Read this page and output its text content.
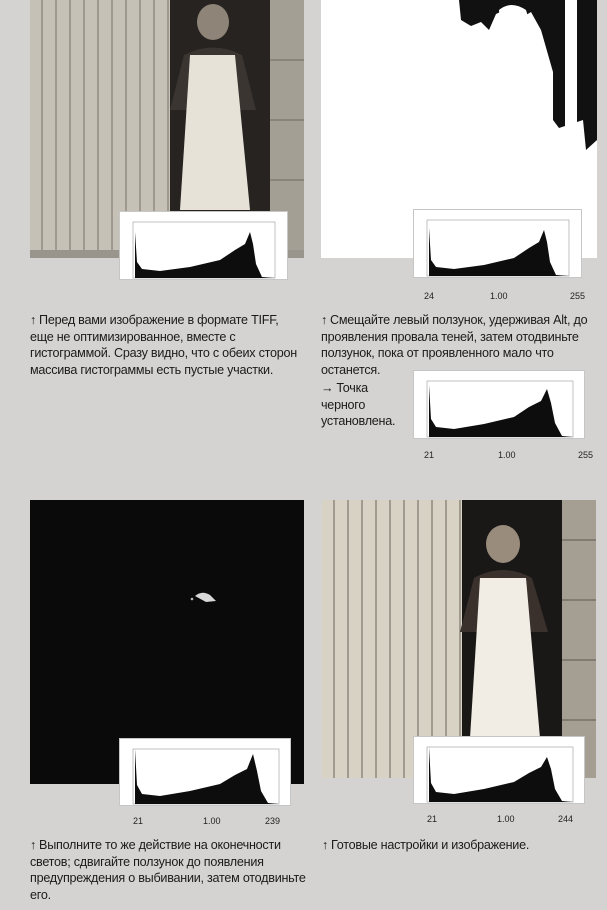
24	1.00	255
↑ Перед вами изображение в формате TIFF, еще не оптимизированное, вместе с гистограммой. Сразу видно, что с обеих сторон массива гистограммы есть пустые участки.
↑ Смещайте левый ползунок, удерживая Alt, до проявления провала теней, затем отодвиньте ползунок, пока от проявленного мало что останется.
→ Точка черного установлена.
21	1.00	255
21	1.00	239	21	1.00	244
↑ Выполните то же действие на оконечности светов; сдвигайте ползунок до появления предупреждения о выбивании, затем отодвиньте его.
↑ Готовые настройки и изображение.
